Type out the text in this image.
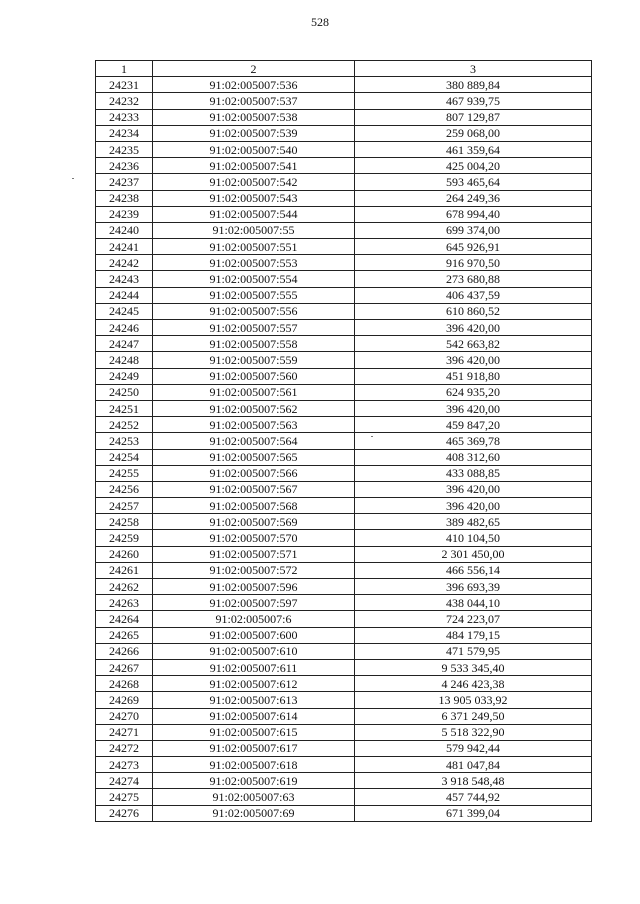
528
1	2	3
24231	91:02:005007:536	380 889,84
24232	91:02:005007:537	467 939,75
24233	91:02:005007:538	807 129,87
24234	91:02:005007:539	259 068,00
24235	91:02:005007:540	461 359,64
24236	91:02:005007:541	425 004,20
24237	91:02:005007:542	593 465,64
24238	91:02:005007:543	264 249,36
24239	91:02:005007:544	678 994,40
24240	91:02:005007:55	699 374,00
24241	91:02:005007:551	645 926,91
24242	91:02:005007:553	916 970,50
24243	91:02:005007:554	273 680,88
24244	91:02:005007:555	406 437,59
24245	91:02:005007:556	610 860,52
24246	91:02:005007:557	396 420,00
24247	91:02:005007:558	542 663,82
24248	91:02:005007:559	396 420,00
24249	91:02:005007:560	451 918,80
24250	91:02:005007:561	624 935,20
24251	91:02:005007:562	396 420,00
24252	91:02:005007:563	459 847,20
24253	91:02:005007:564	465 369,78
24254	91:02:005007:565	408 312,60
24255	91:02:005007:566	433 088,85
24256	91:02:005007:567	396 420,00
24257	91:02:005007:568	396 420,00
24258	91:02:005007:569	389 482,65
24259	91:02:005007:570	410 104,50
24260	91:02:005007:571	2 301 450,00
24261	91:02:005007:572	466 556,14
24262	91:02:005007:596	396 693,39
24263	91:02:005007:597	438 044,10
24264	91:02:005007:6	724 223,07
24265	91:02:005007:600	484 179,15
24266	91:02:005007:610	471 579,95
24267	91:02:005007:611	9 533 345,40
24268	91:02:005007:612	4 246 423,38
24269	91:02:005007:613	13 905 033,92
24270	91:02:005007:614	6 371 249,50
24271	91:02:005007:615	5 518 322,90
24272	91:02:005007:617	579 942,44
24273	91:02:005007:618	481 047,84
24274	91:02:005007:619	3 918 548,48
24275	91:02:005007:63	457 744,92
24276	91:02:005007:69	671 399,04
